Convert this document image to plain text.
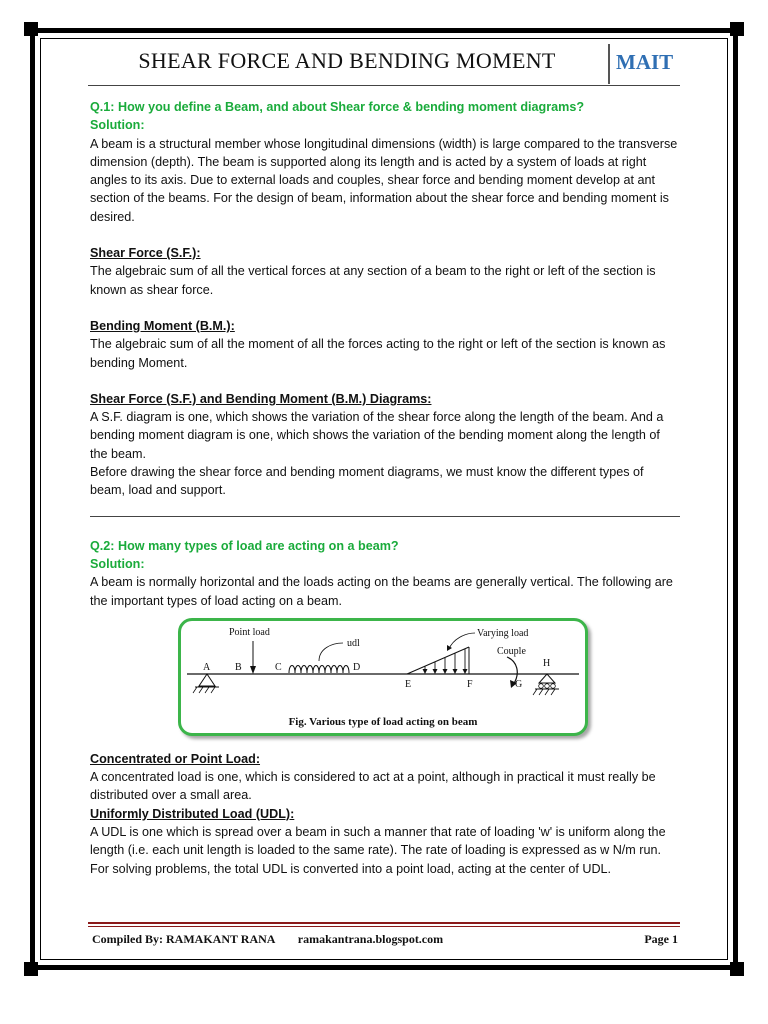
SHEAR FORCE AND BENDING MOMENT	MAIT

Q.1: How you define a Beam, and about Shear force & bending moment diagrams?

Solution:

A beam is a structural member whose longitudinal dimensions (width) is large compared to the transverse dimension (depth). The beam is supported along its length and is acted by a system of loads at right angles to its axis. Due to external loads and couples, shear force and bending moment develop at ant section of the beams. For the design of beam, information about the shear force and bending moment is desired.

Shear Force (S.F.):

The algebraic sum of all the vertical forces at any section of a beam to the right or left of the section is known as shear force.

Bending Moment (B.M.):

The algebraic sum of all the moment of all the forces acting to the right or left of the section is known as bending Moment.

Shear Force (S.F.) and Bending Moment (B.M.) Diagrams:

A S.F. diagram is one, which shows the variation of the shear force along the length of the beam. And a bending moment diagram is one, which shows the variation of the bending moment along the length of the beam.

Before drawing the shear force and bending moment diagrams, we must know the different types of beam, load and support.

Q.2: How many types of load are acting on a beam?

Solution:

A beam is normally horizontal and the loads acting on the beams are generally vertical. The following are the important types of load acting on a beam.

Point load
udl
Varying load
Couple
A B	C	D
E	F	G
H
Fig. Various type of load acting on beam

Concentrated or Point Load:

A concentrated load is one, which is considered to act at a point, although in practical it must really be distributed over a small area.

Uniformly Distributed Load (UDL):

A UDL is one which is spread over a beam in such a manner that rate of loading 'w' is uniform along the length (i.e. each unit length is loaded to the same rate). The rate of loading is expressed as w N/m run. For solving problems, the total UDL is converted into a point load, acting at the center of UDL.

Compiled By: RAMAKANT RANA ramakantrana.blogspot.com	Page 1
